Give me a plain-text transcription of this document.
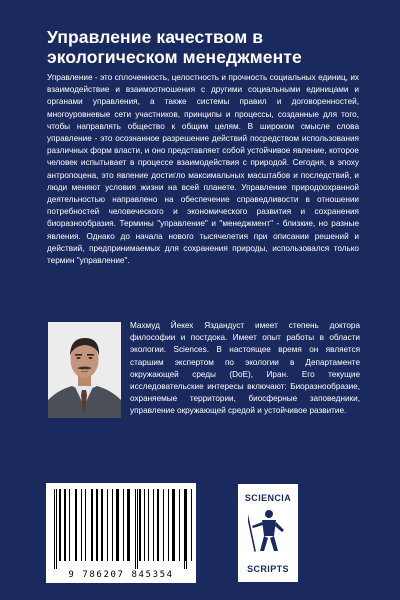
Управление качеством в
экологическом менеджменте

Управление - это сплоченность, целостность и прочность социальных единиц, их взаимодействие и взаимоотношения с другими социальными единицами и органами управления, а также системы правил и договоренностей, многоуровневые сети участников, принципы и процессы, созданные для того, чтобы направлять общество к общим целям. В широком смысле слова управление - это осознанное разрешение действий посредством использования различных форм власти, и оно представляет собой устойчивое явление, которое человек испытывает в процессе взаимодействия с природой. Сегодня, в эпоху антропоцена, это явление достигло максимальных масштабов и последствий, и люди меняют условия жизни на всей планете. Управление природоохранной деятельностью направлено на обеспечение справедливости в отношении потребностей человеческого и экономического развития и сохранения биоразнообразия. Термины "управление" и "менеджмент" - близкие, но разные явления. Однако до начала нового тысячелетия при описании решений и действий, предпринимаемых для сохранения природы, использовался только термин "управление".

Махмуд Йекех Яздандуст имеет степень доктора философии и постдока. Имеет опыт работы в области экологии. Sciences. В настоящее время он является старшим экспертом по экологии в Департаменте окружающей среды (DoE), Иран. Его текущие исследовательские интересы включают: Биоразнообразие, охраняемые территории, биосферные заповедники, управление окружающей средой и устойчивое развитие.

9 786207 845354
SCIENCIA
SCRIPTS
